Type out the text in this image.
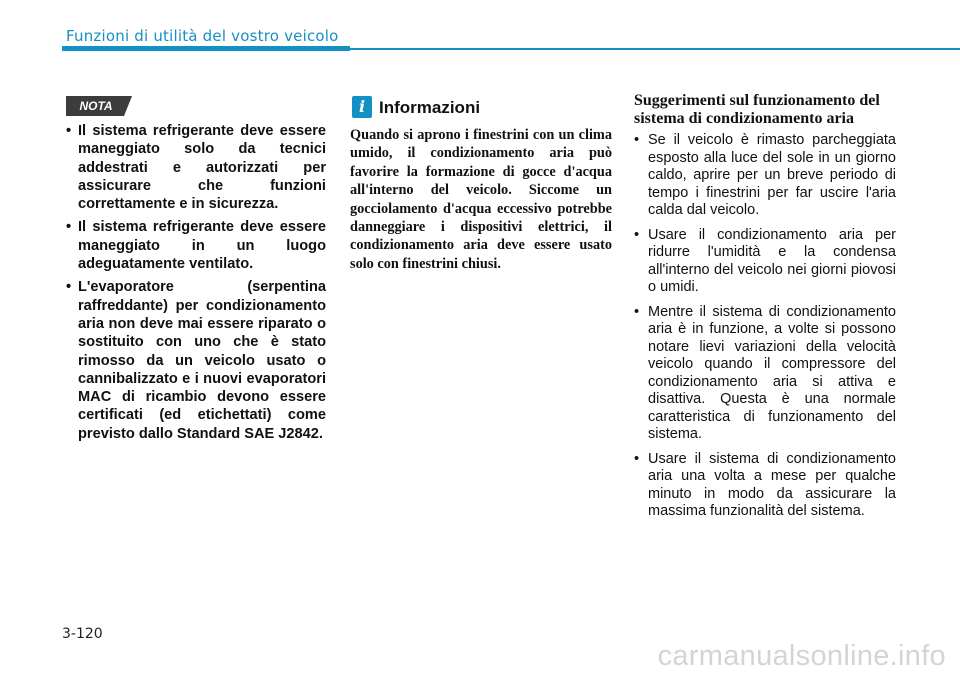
Funzioni di utilità del vostro veicolo
NOTA
• Il sistema refrigerante deve essere maneggiato solo da tecnici addestrati e autorizzati per assicurare che funzioni correttamente e in sicurezza.
• Il sistema refrigerante deve essere maneggiato in un luogo adeguatamente ventilato.
• L'evaporatore (serpentina raffreddante) per condizionamento aria non deve mai essere riparato o sostituito con uno che è stato rimosso da un veicolo usato o cannibalizzato e i nuovi evaporatori MAC di ricambio devono essere certificati (ed etichettati) come previsto dallo Standard SAE J2842.
i Informazioni

Quando si aprono i finestrini con un clima umido, il condizionamento aria può favorire la formazione di gocce d'acqua all'interno del veicolo. Siccome un gocciolamento d'acqua eccessivo potrebbe danneggiare i dispositivi elettrici, il condizionamento aria deve essere usato solo con finestrini chiusi.

Suggerimenti sul funzionamento del sistema di condizionamento aria
• Se il veicolo è rimasto parcheggiata esposto alla luce del sole in un giorno caldo, aprire per un breve periodo di tempo i finestrini per far uscire l'aria calda dal veicolo.
• Usare il condizionamento aria per ridurre l'umidità e la condensa all'interno del veicolo nei giorni piovosi o umidi.
• Mentre il sistema di condizionamento aria è in funzione, a volte si possono notare lievi variazioni della velocità veicolo quando il compressore del condizionamento aria si attiva e disattiva. Questa è una normale caratteristica di funzionamento del sistema.
• Usare il sistema di condizionamento aria una volta a mese per qualche minuto in modo da assicurare la massima funzionalità del sistema.
3-120
carmanualsonline.info
